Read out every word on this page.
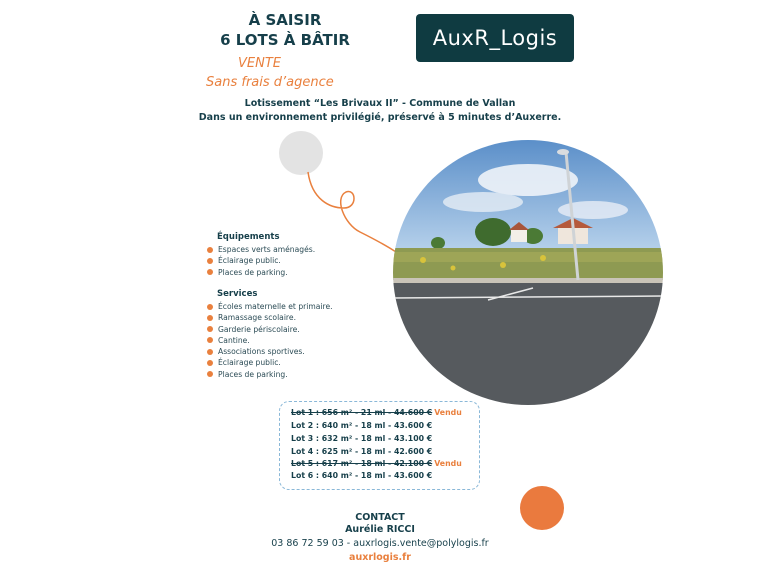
À SAISIR
6 LOTS À BÂTIR
VENTE
Sans frais d’agence
AuxR_Logis
Lotissement “Les Brivaux II” - Commune de Vallan
Dans un environnement privilégié, préservé à 5 minutes d’Auxerre.
Équipements
Espaces verts aménagés.
Éclairage public.
Places de parking.
Services
Écoles maternelle et primaire.
Ramassage scolaire.
Garderie périscolaire.
Cantine.
Associations sportives.
Éclairage public.
Places de parking.
Lot 1 : 656 m² - 21 ml - 44.600 € Vendu
Lot 2 : 640 m² - 18 ml - 43.600 €
Lot 3 : 632 m² - 18 ml - 43.100 €
Lot 4 : 625 m² - 18 ml - 42.600 €
Lot 5 : 617 m² - 18 ml - 42.100 € Vendu
Lot 6 : 640 m² - 18 ml - 43.600 €
CONTACT
Aurélie RICCI
03 86 72 59 03 - auxrlogis.vente@polylogis.fr
auxrlogis.fr
